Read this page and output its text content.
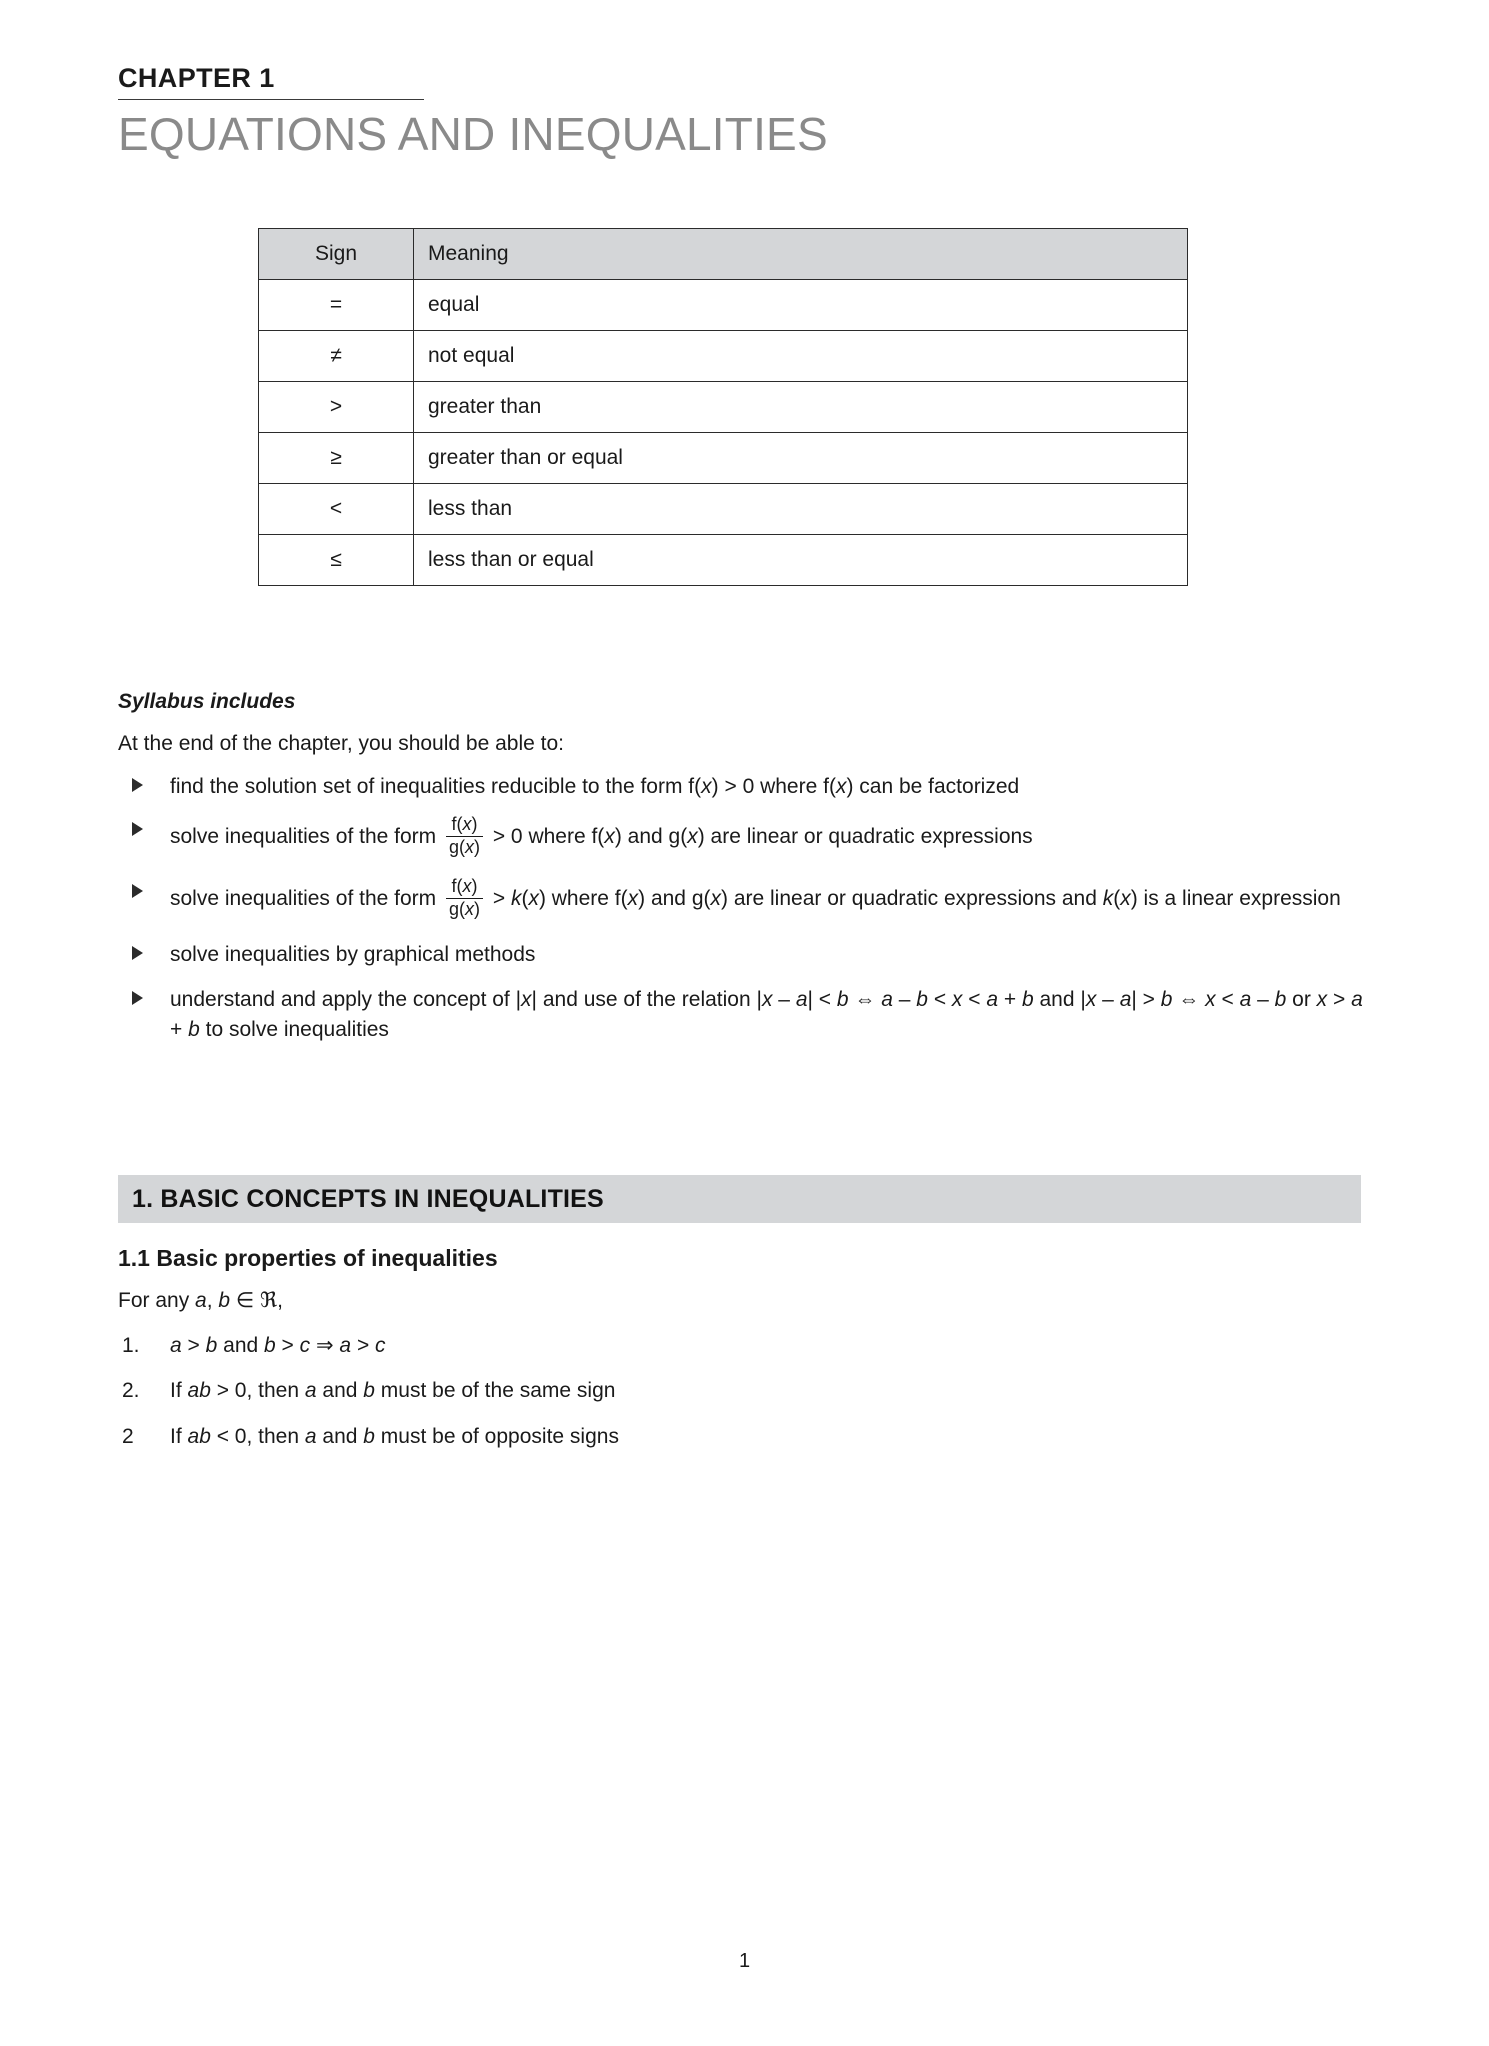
CHAPTER 1
EQUATIONS AND INEQUALITIES
Sign	Meaning
=	equal
≠	not equal
>	greater than
≥	greater than or equal
<	less than
≤	less than or equal
Syllabus includes
At the end of the chapter, you should be able to:
find the solution set of inequalities reducible to the form f(x) > 0 where f(x) can be factorized
solve inequalities of the form $\frac{f(x)}{g(x)} > 0$ where f(x) and g(x) are linear or quadratic expressions
solve inequalities of the form $\frac{f(x)}{g(x)} > k(x)$ where f(x) and g(x) are linear or quadratic expressions and k(x) is a linear expression
solve inequalities by graphical methods
understand and apply the concept of |x| and use of the relation |x – a| < b ⇔ a – b < x < a + b and |x – a| > b ⇔ x < a – b or x > a + b to solve inequalities
1. BASIC CONCEPTS IN INEQUALITIES
1.1 Basic properties of inequalities
For any a, b ∈ ℜ,
1. a > b and b > c ⇒ a > c
2. If ab > 0, then a and b must be of the same sign
2 If ab < 0, then a and b must be of opposite signs
1
